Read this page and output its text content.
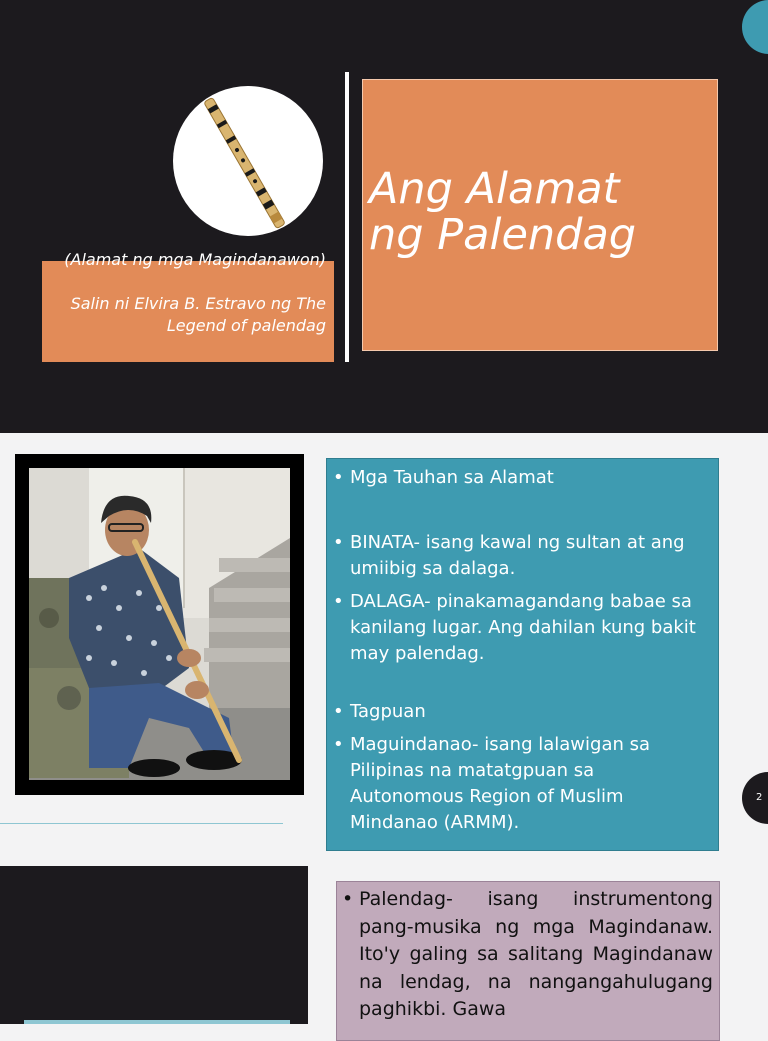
(Alamat ng mga Magindanawon)
Salin ni Elvira B. Estravo ng The Legend of palendag
Ang Alamat ng Palendag
• Mga Tauhan sa Alamat
• BINATA- isang kawal ng sultan at ang umiibig sa dalaga.
• DALAGA- pinakamagandang babae sa kanilang lugar. Ang dahilan kung bakit may palendag.
• Tagpuan
• Maguindanao- isang lalawigan sa Pilipinas na matatgpuan sa Autonomous Region of Muslim Mindanao (ARMM).
2
• Palendag- isang instrumentong pang-musika ng mga Magindanaw. Ito'y galing sa salitang Magindanaw na lendag, na nangangahulugang paghikbi. Gawa
